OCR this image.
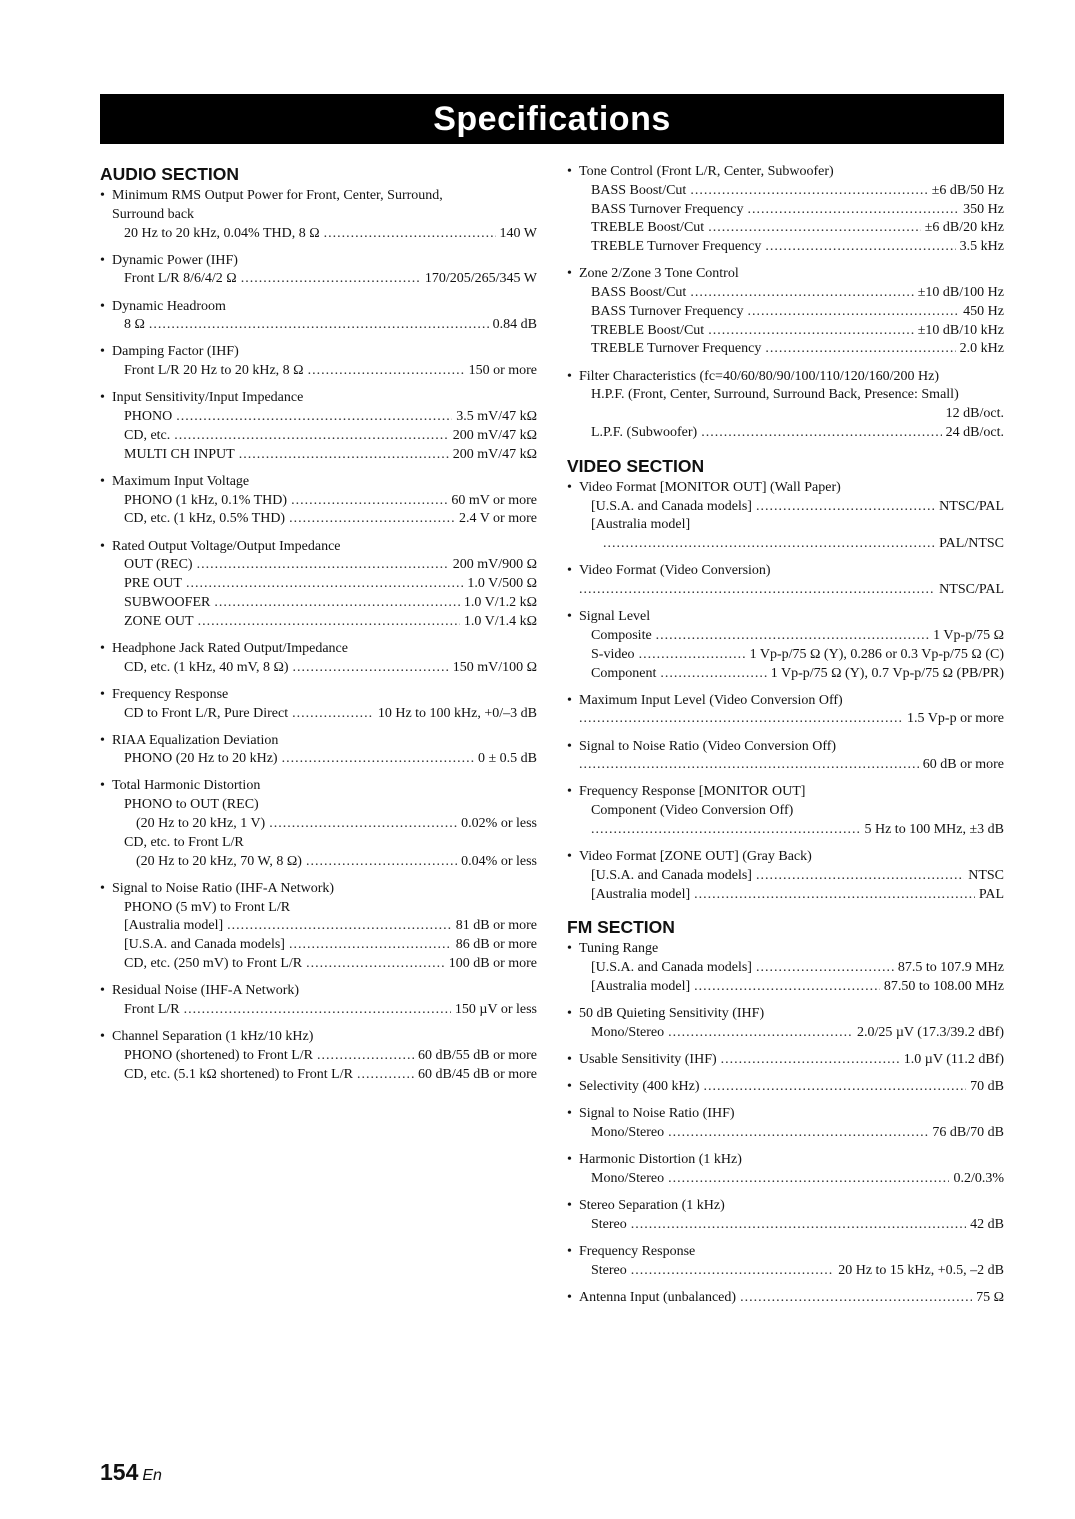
Specifications
AUDIO SECTION
• Minimum RMS Output Power for Front, Center, Surround,
Surround back
20 Hz to 20 kHz, 0.04% THD, 8 Ω .....	140 W
• Dynamic Power (IHF)
Front L/R 8/6/4/2 Ω .....	170/205/265/345 W
• Dynamic Headroom
8 Ω .....	0.84 dB
• Damping Factor (IHF)
Front L/R 20 Hz to 20 kHz, 8 Ω .....	150 or more
• Input Sensitivity/Input Impedance
PHONO .....	3.5 mV/47 kΩ
CD, etc. .....	200 mV/47 kΩ
MULTI CH INPUT .....	200 mV/47 kΩ
• Maximum Input Voltage
PHONO (1 kHz, 0.1% THD) .....	60 mV or more
CD, etc. (1 kHz, 0.5% THD) .....	2.4 V or more
• Rated Output Voltage/Output Impedance
OUT (REC) .....	200 mV/900 Ω
PRE OUT .....	1.0 V/500 Ω
SUBWOOFER .....	1.0 V/1.2 kΩ
ZONE OUT .....	1.0 V/1.4 kΩ
• Headphone Jack Rated Output/Impedance
CD, etc. (1 kHz, 40 mV, 8 Ω) .....	150 mV/100 Ω
• Frequency Response
CD to Front L/R, Pure Direct .....	10 Hz to 100 kHz, +0/–3 dB
• RIAA Equalization Deviation
PHONO (20 Hz to 20 kHz) .....	0 ± 0.5 dB
• Total Harmonic Distortion
PHONO to OUT (REC)
(20 Hz to 20 kHz, 1 V) .....	0.02% or less
CD, etc. to Front L/R
(20 Hz to 20 kHz, 70 W, 8 Ω) .....	0.04% or less
• Signal to Noise Ratio (IHF-A Network)
PHONO (5 mV) to Front L/R
[Australia model] .....	81 dB or more
[U.S.A. and Canada models] .....	86 dB or more
CD, etc. (250 mV) to Front L/R .....	100 dB or more
• Residual Noise (IHF-A Network)
Front L/R .....	150 µV or less
• Channel Separation (1 kHz/10 kHz)
PHONO (shortened) to Front L/R .....	60 dB/55 dB or more
CD, etc. (5.1 kΩ shortened) to Front L/R .....	60 dB/45 dB or more
• Tone Control (Front L/R, Center, Subwoofer)
BASS Boost/Cut .....	±6 dB/50 Hz
BASS Turnover Frequency .....	350 Hz
TREBLE Boost/Cut .....	±6 dB/20 kHz
TREBLE Turnover Frequency .....	3.5 kHz
• Zone 2/Zone 3 Tone Control
BASS Boost/Cut .....	±10 dB/100 Hz
BASS Turnover Frequency .....	450 Hz
TREBLE Boost/Cut .....	±10 dB/10 kHz
TREBLE Turnover Frequency .....	2.0 kHz
• Filter Characteristics (fc=40/60/80/90/100/110/120/160/200 Hz)
H.P.F. (Front, Center, Surround, Surround Back, Presence: Small)
12 dB/oct.
L.P.F. (Subwoofer) .....	24 dB/oct.
VIDEO SECTION
• Video Format [MONITOR OUT] (Wall Paper)
[U.S.A. and Canada models] .....	NTSC/PAL
[Australia model]
.....
PAL/NTSC
• Video Format (Video Conversion)
.....
NTSC/PAL
• Signal Level
Composite .....	1 Vp-p/75 Ω
S-video .....	1 Vp-p/75 Ω (Y), 0.286 or 0.3 Vp-p/75 Ω (C)
Component .....	1 Vp-p/75 Ω (Y), 0.7 Vp-p/75 Ω (PB/PR)
• Maximum Input Level (Video Conversion Off)
.....
1.5 Vp-p or more
• Signal to Noise Ratio (Video Conversion Off)
.....
60 dB or more
• Frequency Response [MONITOR OUT]
Component (Video Conversion Off)
.....
5 Hz to 100 MHz, ±3 dB
• Video Format [ZONE OUT] (Gray Back)
[U.S.A. and Canada models] .....	NTSC
[Australia model] .....	PAL
FM SECTION
• Tuning Range
[U.S.A. and Canada models] .....	87.5 to 107.9 MHz
[Australia model] .....	87.50 to 108.00 MHz
• 50 dB Quieting Sensitivity (IHF)
Mono/Stereo .....	2.0/25 µV (17.3/39.2 dBf)
• Usable Sensitivity (IHF) .....	1.0 µV (11.2 dBf)
• Selectivity (400 kHz) .....	70 dB
• Signal to Noise Ratio (IHF)
Mono/Stereo .....	76 dB/70 dB
• Harmonic Distortion (1 kHz)
Mono/Stereo .....	0.2/0.3%
• Stereo Separation (1 kHz)
Stereo .....	42 dB
• Frequency Response
Stereo .....	20 Hz to 15 kHz, +0.5, –2 dB
• Antenna Input (unbalanced) .....	75 Ω
154 En
